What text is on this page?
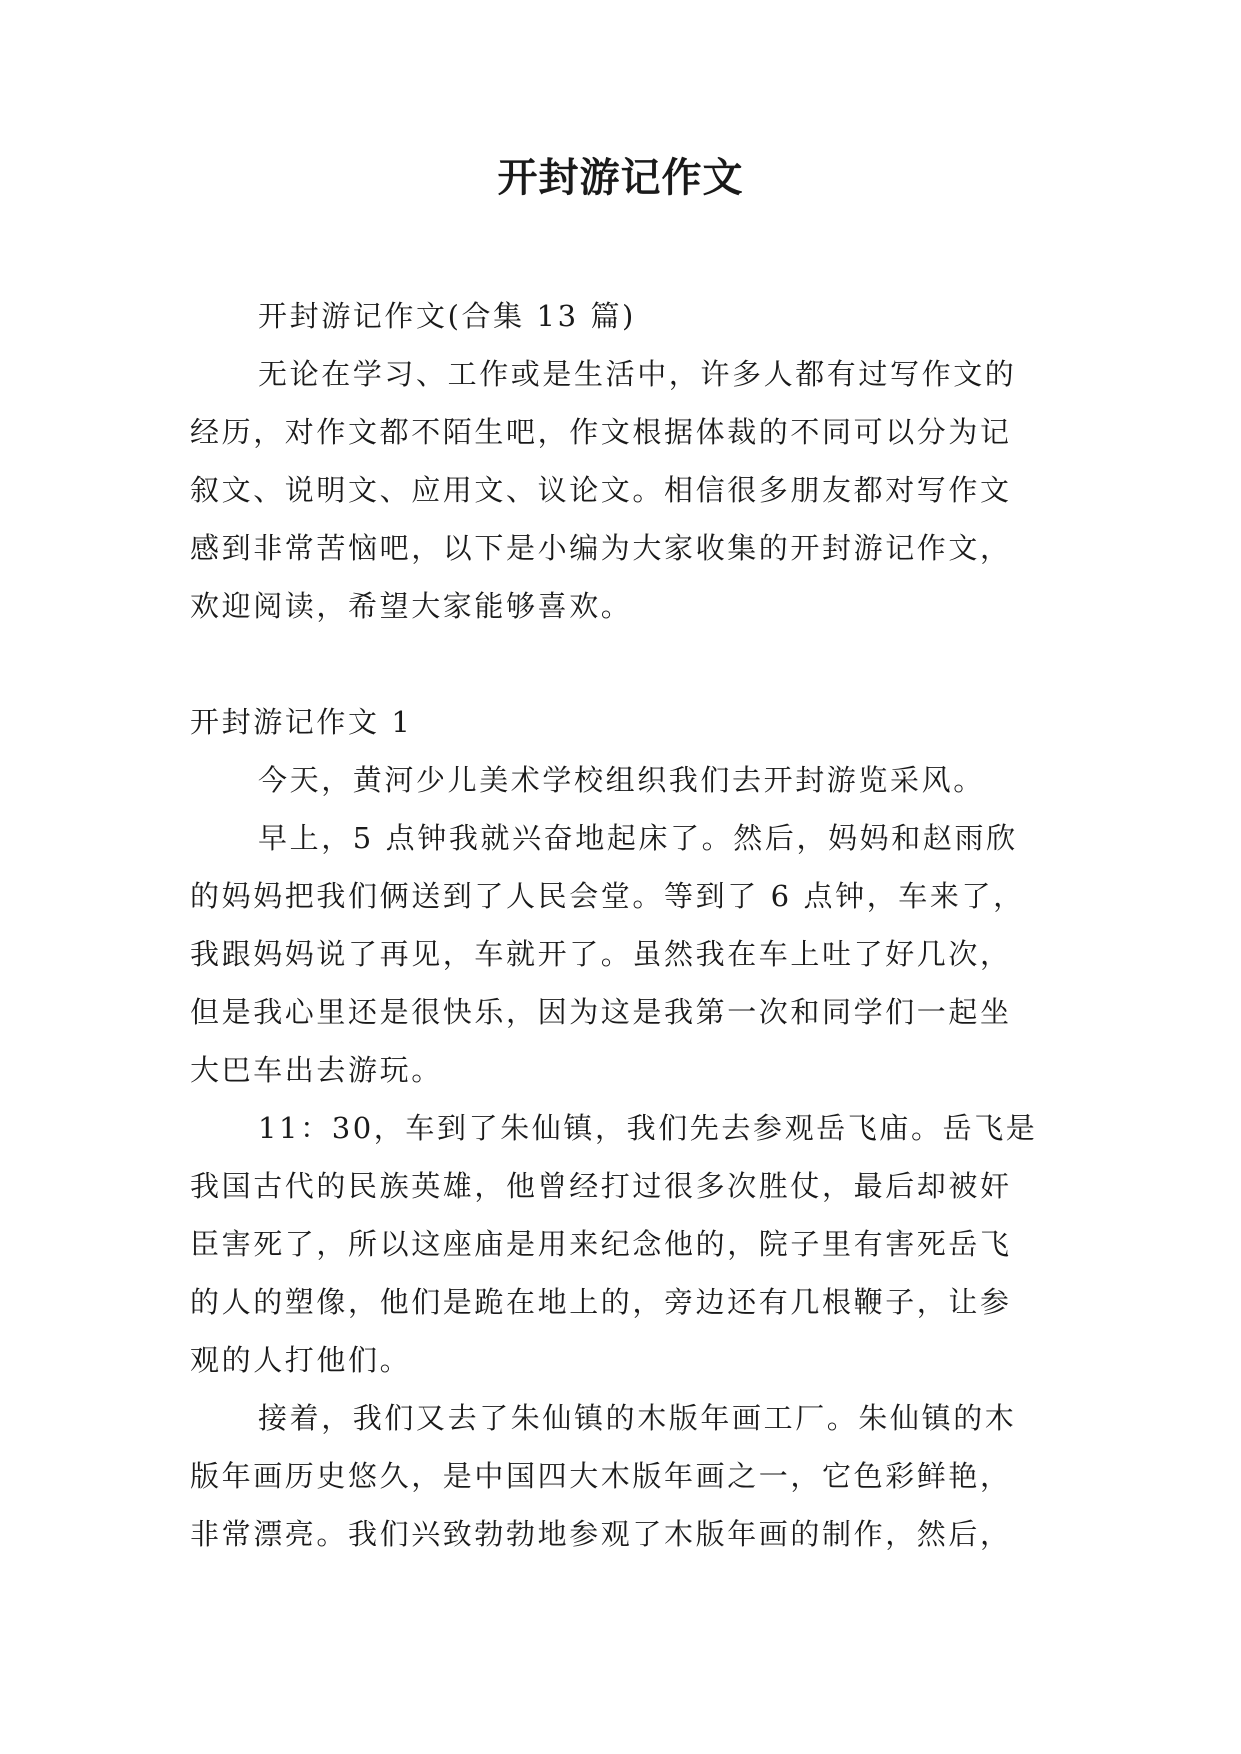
开封游记作文

开封游记作文(合集 13 篇)

无论在学习、工作或是生活中，许多人都有过写作文的

经历，对作文都不陌生吧，作文根据体裁的不同可以分为记

叙文、说明文、应用文、议论文。相信很多朋友都对写作文

感到非常苦恼吧，以下是小编为大家收集的开封游记作文，

欢迎阅读，希望大家能够喜欢。

开封游记作文 1

今天，黄河少儿美术学校组织我们去开封游览采风。

早上，5 点钟我就兴奋地起床了。然后，妈妈和赵雨欣

的妈妈把我们俩送到了人民会堂。等到了 6 点钟，车来了，

我跟妈妈说了再见，车就开了。虽然我在车上吐了好几次，

但是我心里还是很快乐，因为这是我第一次和同学们一起坐

大巴车出去游玩。

11：30，车到了朱仙镇，我们先去参观岳飞庙。岳飞是

我国古代的民族英雄，他曾经打过很多次胜仗，最后却被奸

臣害死了，所以这座庙是用来纪念他的，院子里有害死岳飞

的人的塑像，他们是跪在地上的，旁边还有几根鞭子，让参

观的人打他们。

接着，我们又去了朱仙镇的木版年画工厂。朱仙镇的木

版年画历史悠久，是中国四大木版年画之一，它色彩鲜艳，

非常漂亮。我们兴致勃勃地参观了木版年画的制作，然后，
